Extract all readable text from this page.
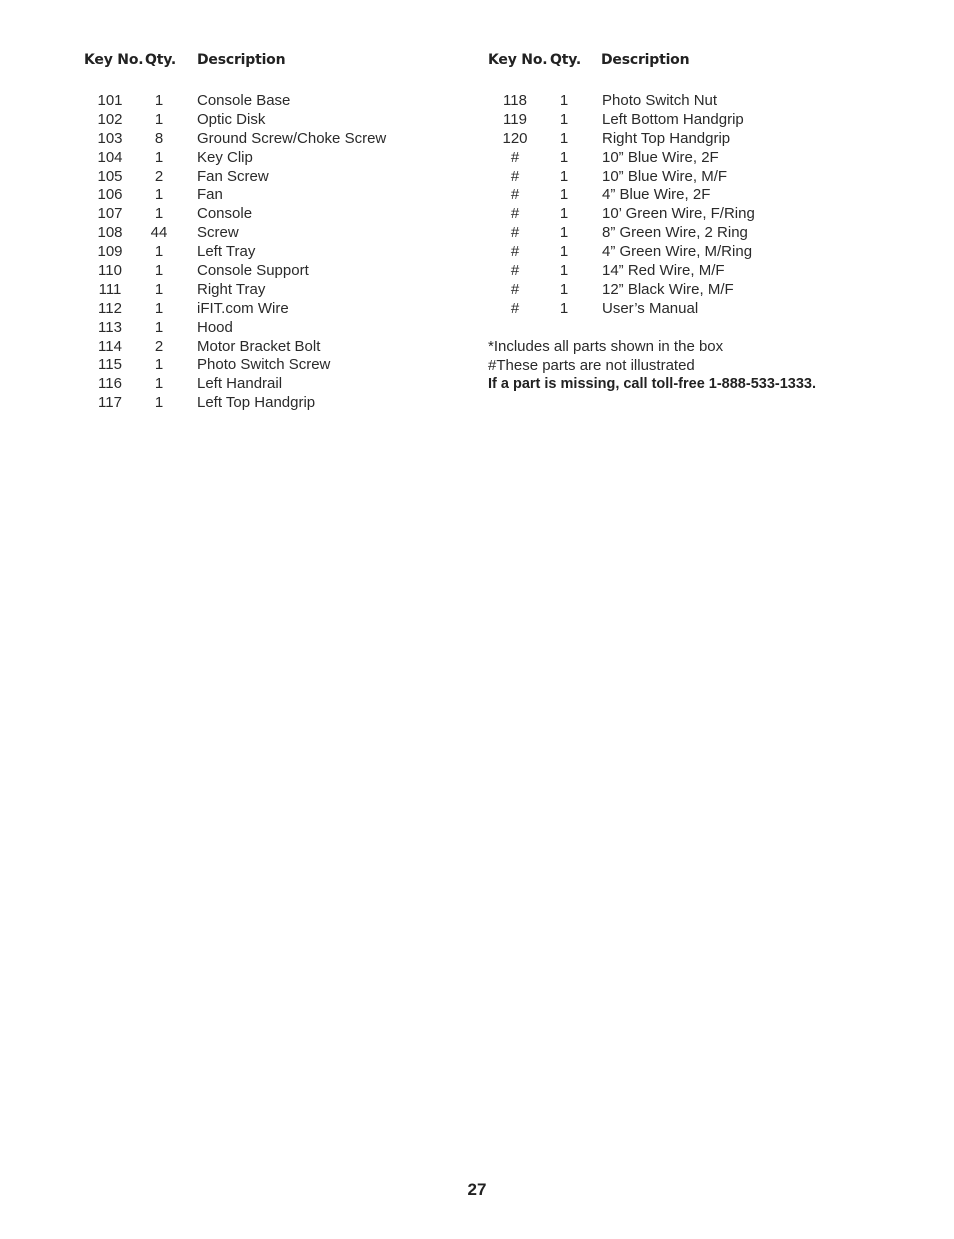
Key No. Qty. Description
101	1	Console Base
102	1	Optic Disk
103	8	Ground Screw/Choke Screw
104	1	Key Clip
105	2	Fan Screw
106	1	Fan
107	1	Console
108	44 Screw
109	1	Left Tray
110	1	Console Support
111	1	Right Tray
112	1	iFIT.com Wire
113	1	Hood
114	2	Motor Bracket Bolt
115	1	Photo Switch Screw
116	1	Left Handrail
117	1	Left Top Handgrip
Key No. Qty. Description
118	1	Photo Switch Nut
119	1	Left Bottom Handgrip
120	1	Right Top Handgrip
#	1	10” Blue Wire, 2F
#	1	10” Blue Wire, M/F
#	1	4” Blue Wire, 2F
#	1	10’ Green Wire, F/Ring
#	1	8” Green Wire, 2 Ring
#	1	4” Green Wire, M/Ring
#	1	14” Red Wire, M/F
#	1	12” Black Wire, M/F
#	1	User’s Manual
*Includes all parts shown in the box
#These parts are not illustrated
If a part is missing, call toll-free 1-888-533-1333.
27
